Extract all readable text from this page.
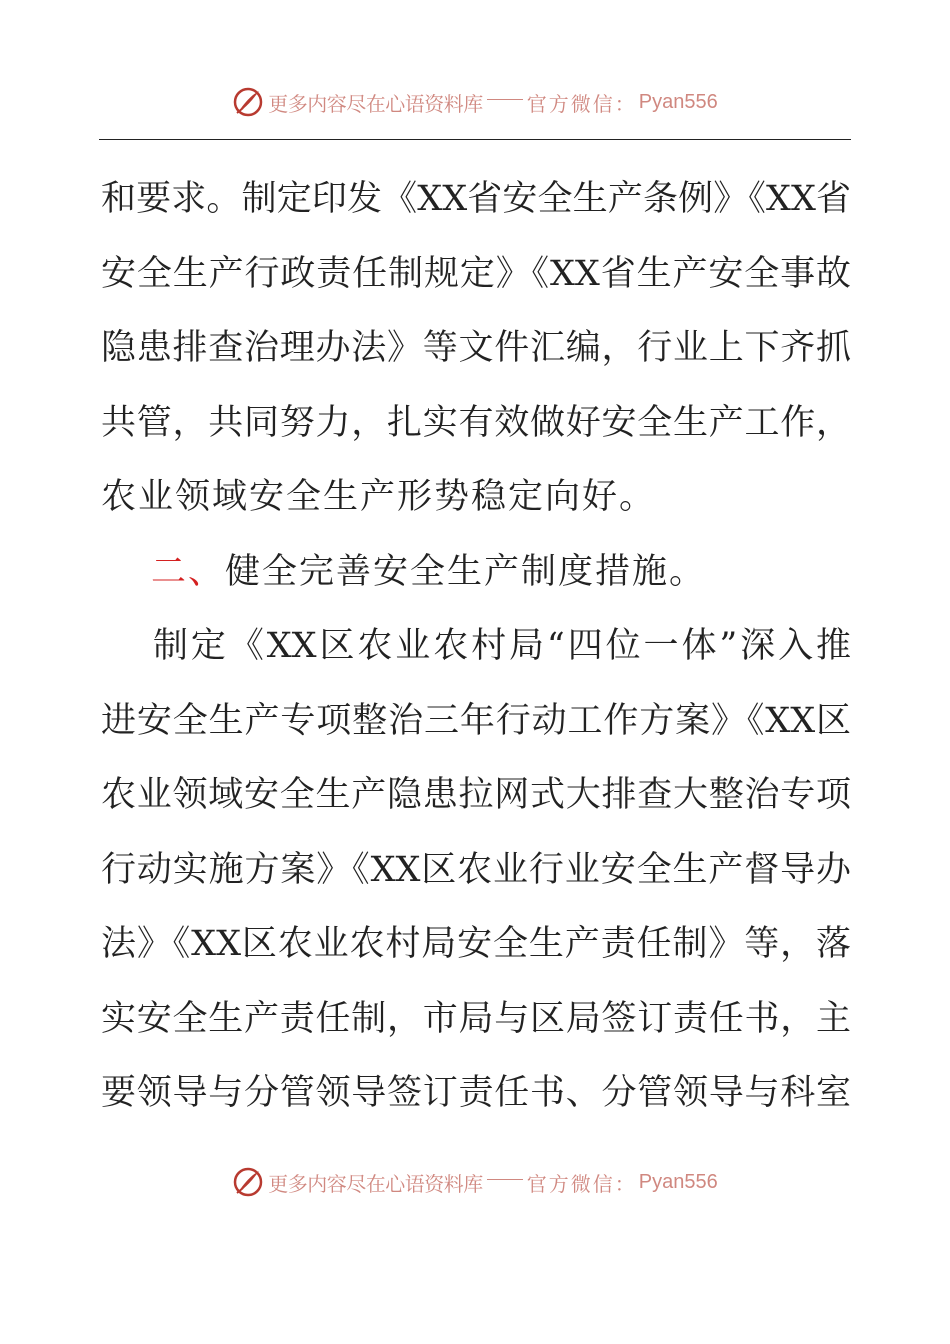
更多内容尽在心语资料库 官方微信： Pyan556
和要求。制定印发《XX省安全生产条例》《XX省
安全生产行政责任制规定》《XX省生产安全事故
隐患排查治理办法》等文件汇编，行业上下齐抓
共管，共同努力，扎实有效做好安全生产工作，
农业领域安全生产形势稳定向好。
二、健全完善安全生产制度措施。
制定《XX区农业农村局“四位一体”深入推
进安全生产专项整治三年行动工作方案》《XX区
农业领域安全生产隐患拉网式大排查大整治专项
行动实施方案》《XX区农业行业安全生产督导办
法》《XX区农业农村局安全生产责任制》等，落
实安全生产责任制，市局与区局签订责任书，主
要领导与分管领导签订责任书、分管领导与科室
更多内容尽在心语资料库 官方微信： Pyan556
